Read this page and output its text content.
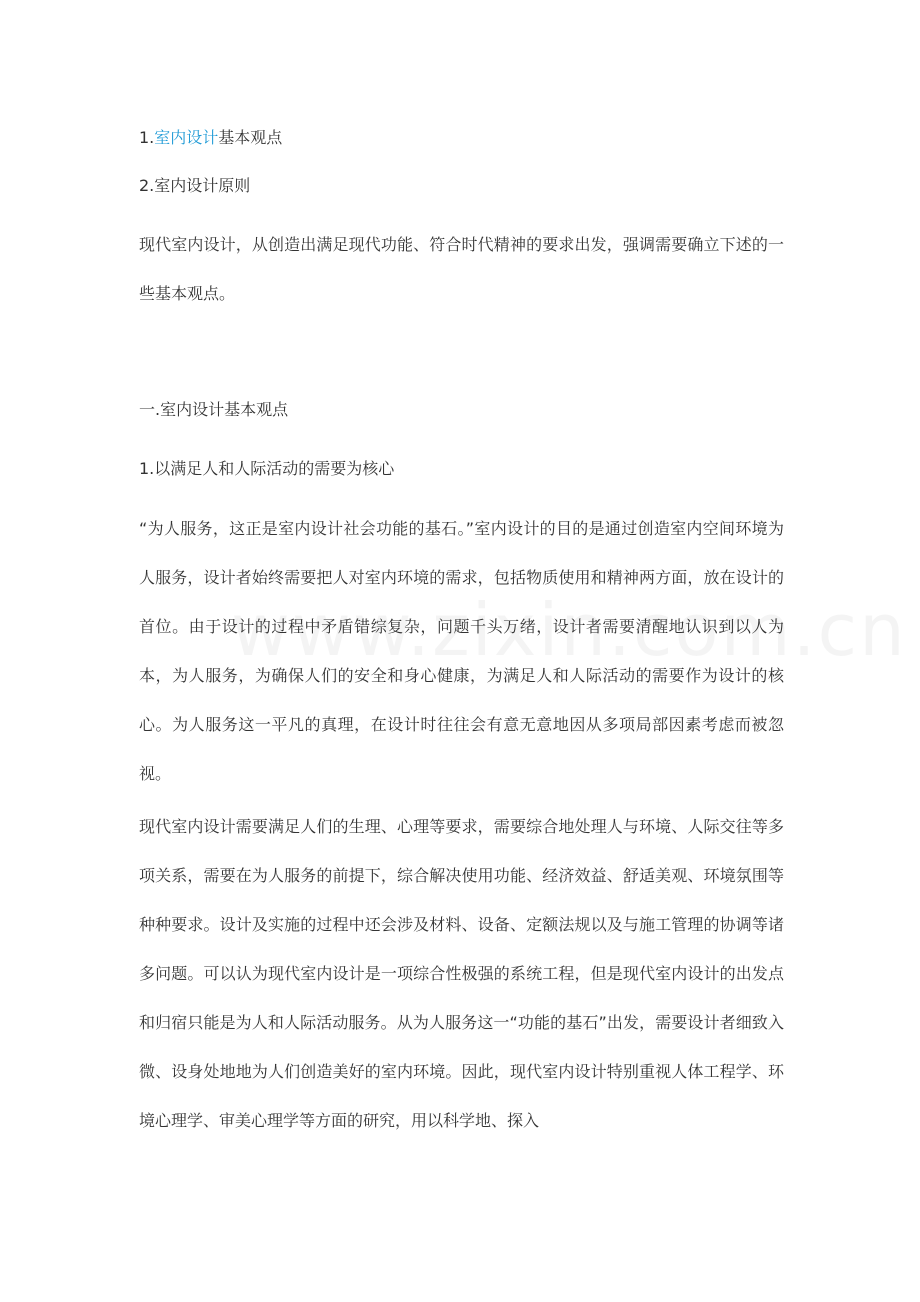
1.室内设计基本观点
2.室内设计原则
现代室内设计，从创造出满足现代功能、符合时代精神的要求出发，强调需要确立下述的一些基本观点。
一.室内设计基本观点
1.以满足人和人际活动的需要为核心
“为人服务，这正是室内设计社会功能的基石。”室内设计的目的是通过创造室内空间环境为人服务，设计者始终需要把人对室内环境的需求，包括物质使用和精神两方面，放在设计的首位。由于设计的过程中矛盾错综复杂，问题千头万绪，设计者需要清醒地认识到以人为本，为人服务，为确保人们的安全和身心健康，为满足人和人际活动的需要作为设计的核心。为人服务这一平凡的真理，在设计时往往会有意无意地因从多项局部因素考虑而被忽视。
现代室内设计需要满足人们的生理、心理等要求，需要综合地处理人与环境、人际交往等多项关系，需要在为人服务的前提下，综合解决使用功能、经济效益、舒适美观、环境氛围等种种要求。设计及实施的过程中还会涉及材料、设备、定额法规以及与施工管理的协调等诸多问题。可以认为现代室内设计是一项综合性极强的系统工程，但是现代室内设计的出发点和归宿只能是为人和人际活动服务。从为人服务这一“功能的基石”出发，需要设计者细致入微、设身处地地为人们创造美好的室内环境。因此，现代室内设计特别重视人体工程学、环境心理学、审美心理学等方面的研究，用以科学地、探入
